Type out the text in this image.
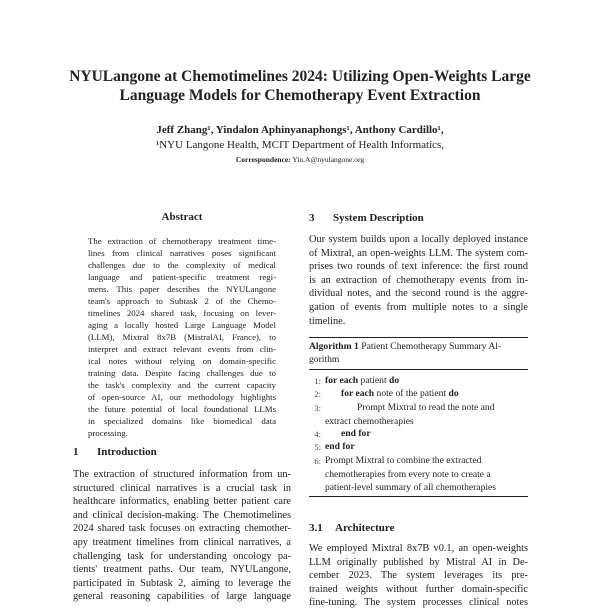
NYULangone at Chemotimelines 2024: Utilizing Open-Weights Large
Language Models for Chemotherapy Event Extraction
Jeff Zhang¹, Yindalon Aphinyanaphongs¹, Anthony Cardillo¹,
¹NYU Langone Health, MCIT Department of Health Informatics,
Correspondence: Yin.A@nyulangone.org
Abstract
The extraction of chemotherapy treatment time-
lines from clinical narratives poses significant
challenges due to the complexity of medical
language and patient-specific treatment regi-
mens. This paper describes the NYULangone
team's approach to Subtask 2 of the Chemo-
timelines 2024 shared task, focusing on lever-
aging a locally hosted Large Language Model
(LLM), Mixtral 8x7B (MistralAI, France), to
interpret and extract relevant events from clin-
ical notes without relying on domain-specific
training data. Despite facing challenges due to
the task's complexity and the current capacity
of open-source AI, our methodology highlights
the future potential of local foundational LLMs
in specialized domains like biomedical data
processing.
1 Introduction
The extraction of structured information from un-
structured clinical narratives is a crucial task in
healthcare informatics, enabling better patient care
and clinical decision-making. The Chemotimelines
2024 shared task focuses on extracting chemother-
apy treatment timelines from clinical narratives, a
challenging task for understanding oncology pa-
tients' treatment paths. Our team, NYULangone,
participated in Subtask 2, aiming to leverage the
general reasoning capabilities of large language
3 System Description
Our system builds upon a locally deployed instance
of Mixtral, an open-weights LLM. The system com-
prises two rounds of text inference: the first round
is an extraction of chemotherapy events from in-
dividual notes, and the second round is the aggre-
gation of events from multiple notes to a single
timeline.
Algorithm 1 Patient Chemotherapy Summary Al-
gorithm
1: for each patient do
2: for each note of the patient do
3:	Prompt Mixtral to read the note and
extract chemotherapies
4: end for
5: end for
6: Prompt Mixtral to combine the extracted
chemotherapies from every note to create a
patient-level summary of all chemotherapies
3.1 Architecture
We employed Mixtral 8x7B v0.1, an open-weights
LLM originally published by Mistral AI in De-
cember 2023. The system leverages its pre-
trained weights without further domain-specific
fine-tuning. The system processes clinical notes
